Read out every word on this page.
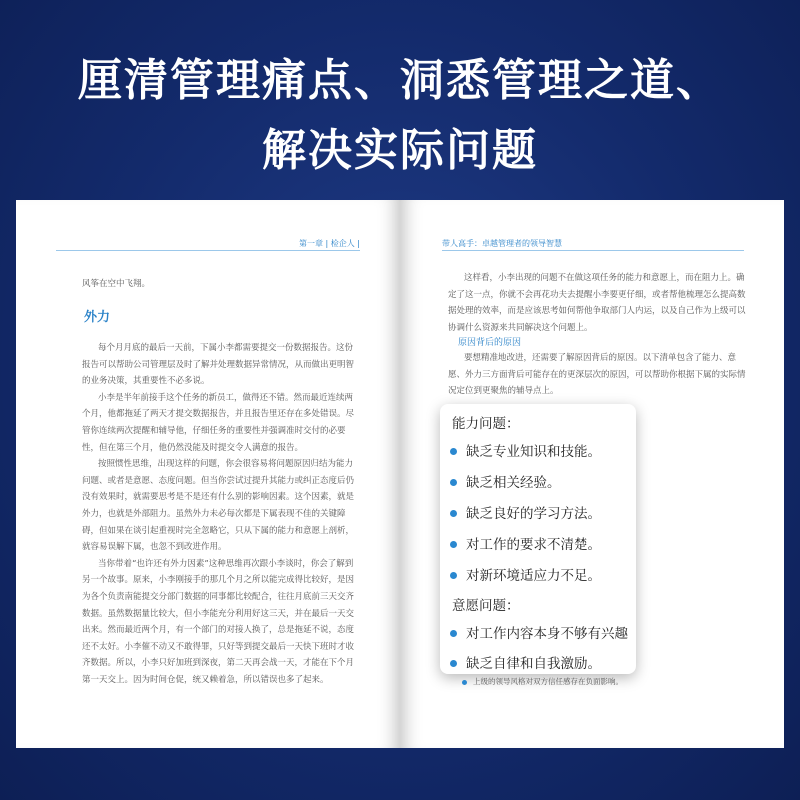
厘清管理痛点、洞悉管理之道、
解决实际问题
第一章 | 检企人 |

风筝在空中飞翔。

外力

每个月月底的最后一天前，下属小李都需要提交一份数据报告。这份报告可以帮助公司管理层及时了解并处理数据异常情况，从而做出更明智的业务决策，其重要性不必多说。

小李是半年前接手这个任务的新员工，做得还不错。然而最近连续两个月，他都拖延了两天才提交数据报告，并且报告里还存在多处错误。尽管你连续两次提醒和辅导他，仔细任务的重要性并强调准时交付的必要性，但在第三个月，他仍然没能及时提交令人满意的报告。

按照惯性思维，出现这样的问题，你会很容易将问题原因归结为能力问题、或者是意愿、态度问题。但当你尝试过提升其能力或纠正态度后仍没有效果时，就需要思考是不是还有什么别的影响因素。这个因素，就是外力，也就是外部阻力。虽然外力未必每次都是下属表现不佳的关键障碍，但如果在谈引起重视时完全忽略它，只从下属的能力和意愿上剖析，就容易误解下属，也忽不到改进作用。

当你带着“也许还有外力因素”这种思维再次跟小李谈时，你会了解到另一个故事。原来，小李刚接手的那几个月之所以能完成得比较好，是因为各个负责南能提交分部门数据的同事都比较配合，往往月底前三天交齐数据。虽然数据量比较大，但小李能充分利用好这三天，并在最后一天交出来。然而最近两个月，有一个部门的对接人换了，总是拖延不说，态度还不太好。小李催不动又不敢得罪，只好等到提交最后一天快下班时才收齐数据。所以，小李只好加班到深夜，第二天再会战一天，才能在下个月第一天交上。因为时间仓促，统又赖着急，所以错误也多了起来。

带人高手：卓越管理者的领导智慧

这样看，小李出现的问题不在做这项任务的能力和意愿上，而在阻力上。确定了这一点，你就不会再花功夫去提醒小李要更仔细，或者帮他梳理怎么提高数据处理的效率，而是应该思考如何帮他争取部门人内运，以及自己作为上级可以协调什么资源来共同解决这个问题上。

原因背后的原因

要想精准地改进，还需要了解原因背后的原因。以下清单包含了能力、意愿、外力三方面背后可能存在的更深层次的原因，可以帮助你根据下属的实际情况定位到更聚焦的辅导点上。

能力问题：
缺乏专业知识和技能。
缺乏相关经验。
缺乏良好的学习方法。
对工作的要求不清楚。
对新环境适应力不足。
意愿问题：
对工作内容本身不够有兴趣
缺乏自律和自我激励。
上级的领导风格对双方信任感存在负面影响。
